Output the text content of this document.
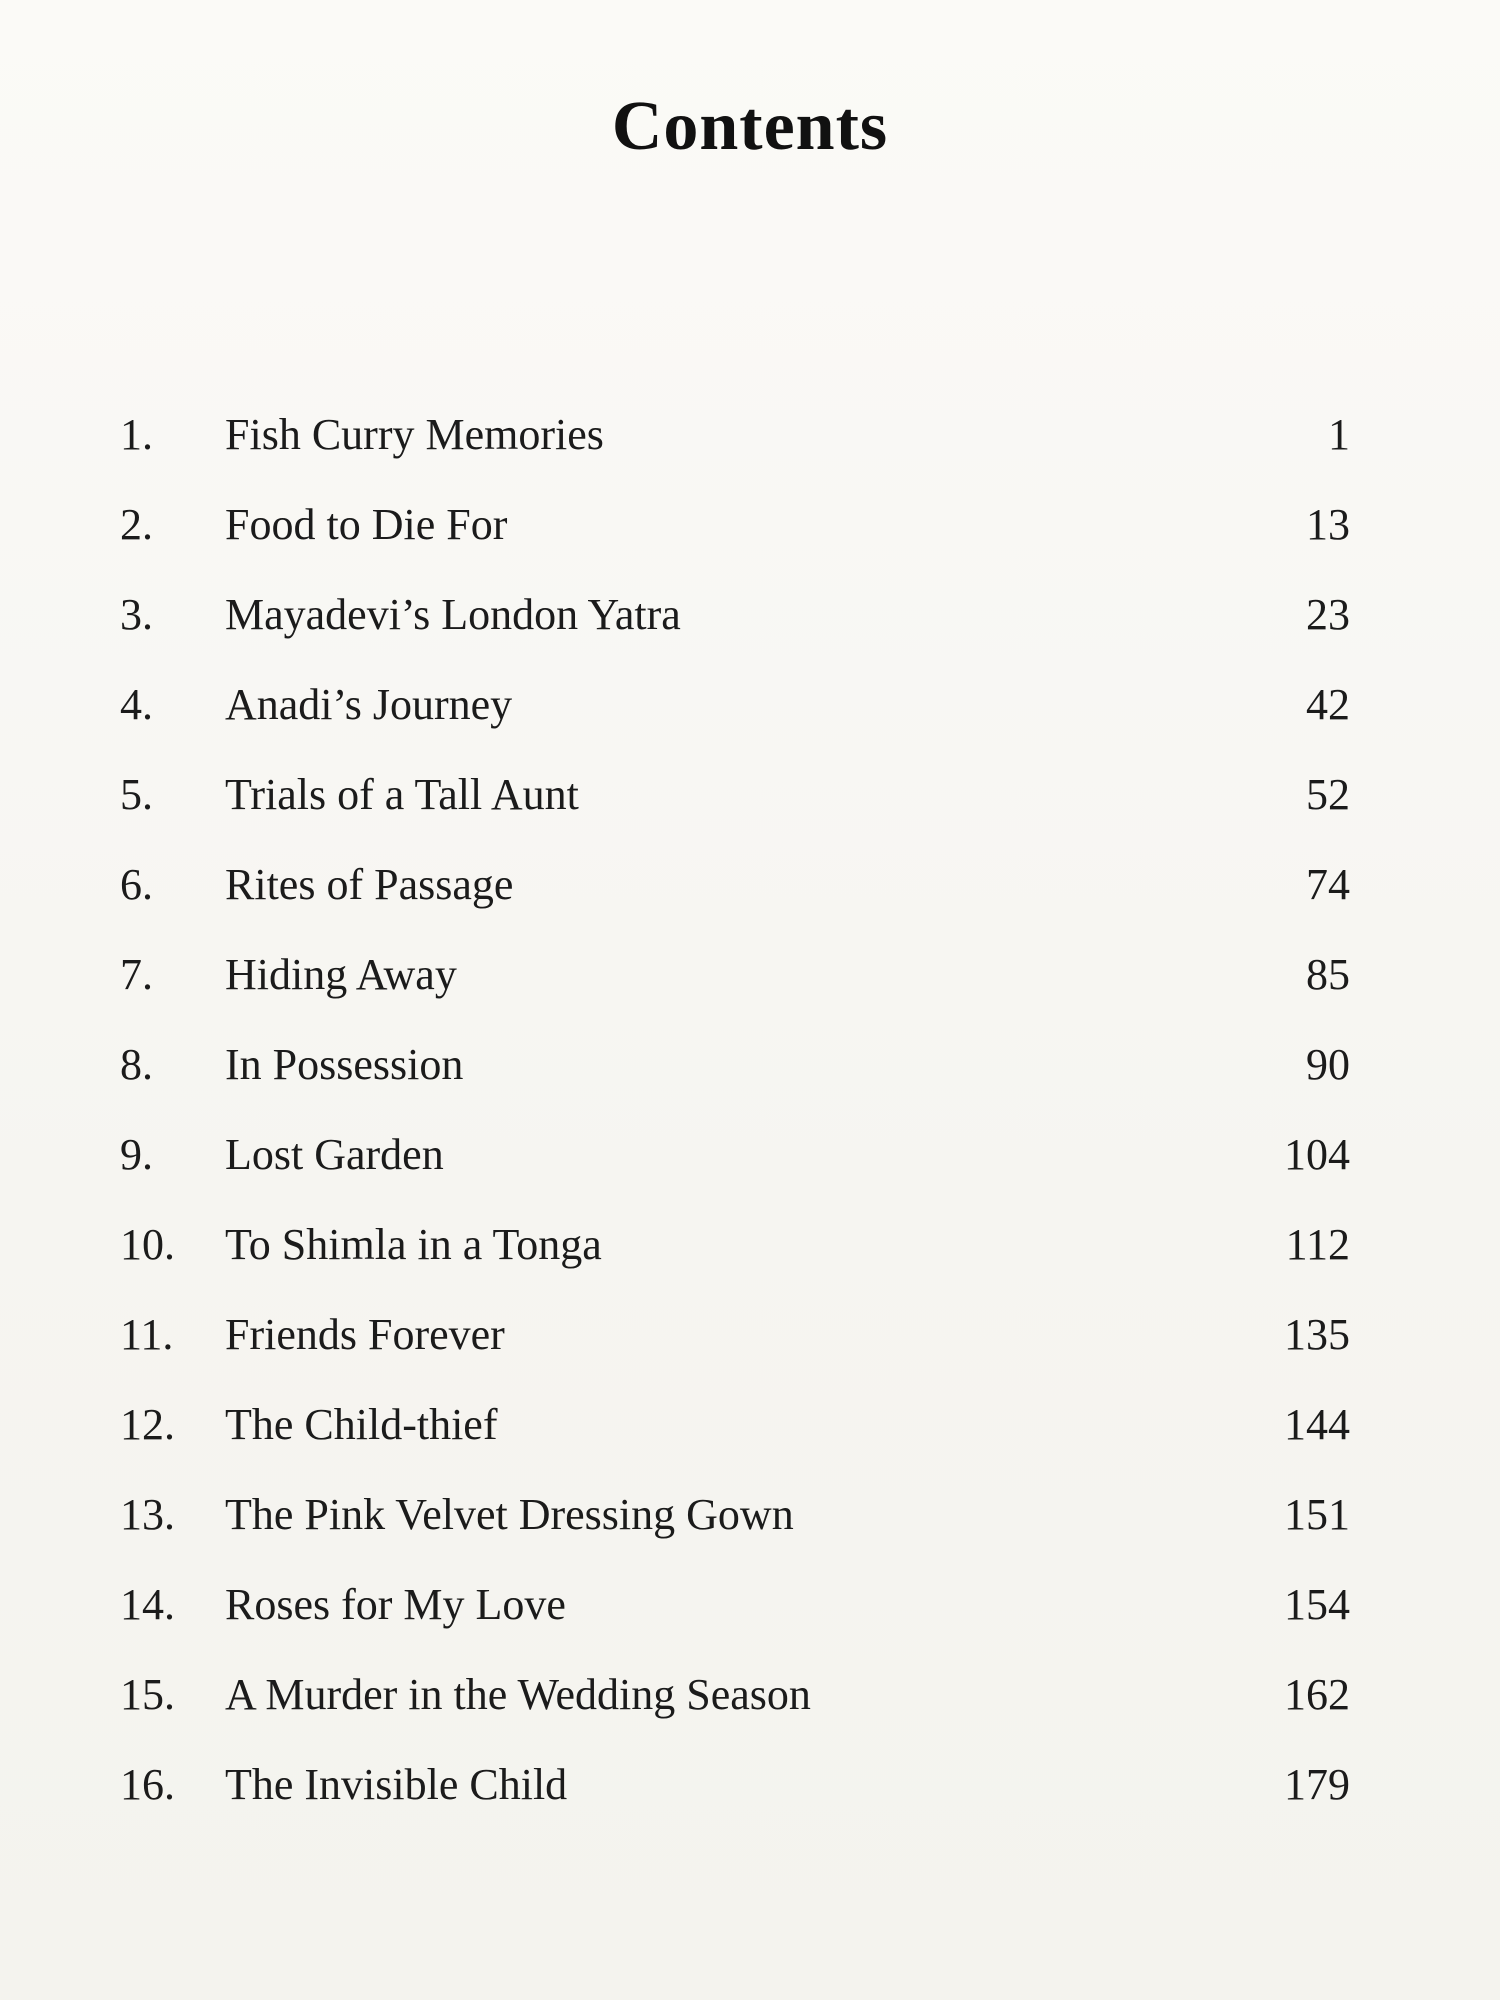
Contents
1. Fish Curry Memories	1
2. Food to Die For	13
3. Mayadevi’s London Yatra	23
4. Anadi’s Journey	42
5. Trials of a Tall Aunt	52
6. Rites of Passage	74
7. Hiding Away	85
8. In Possession	90
9. Lost Garden	104
10. To Shimla in a Tonga	112
11. Friends Forever	135
12. The Child-thief	144
13. The Pink Velvet Dressing Gown	151
14. Roses for My Love	154
15. A Murder in the Wedding Season	162
16. The Invisible Child	179
